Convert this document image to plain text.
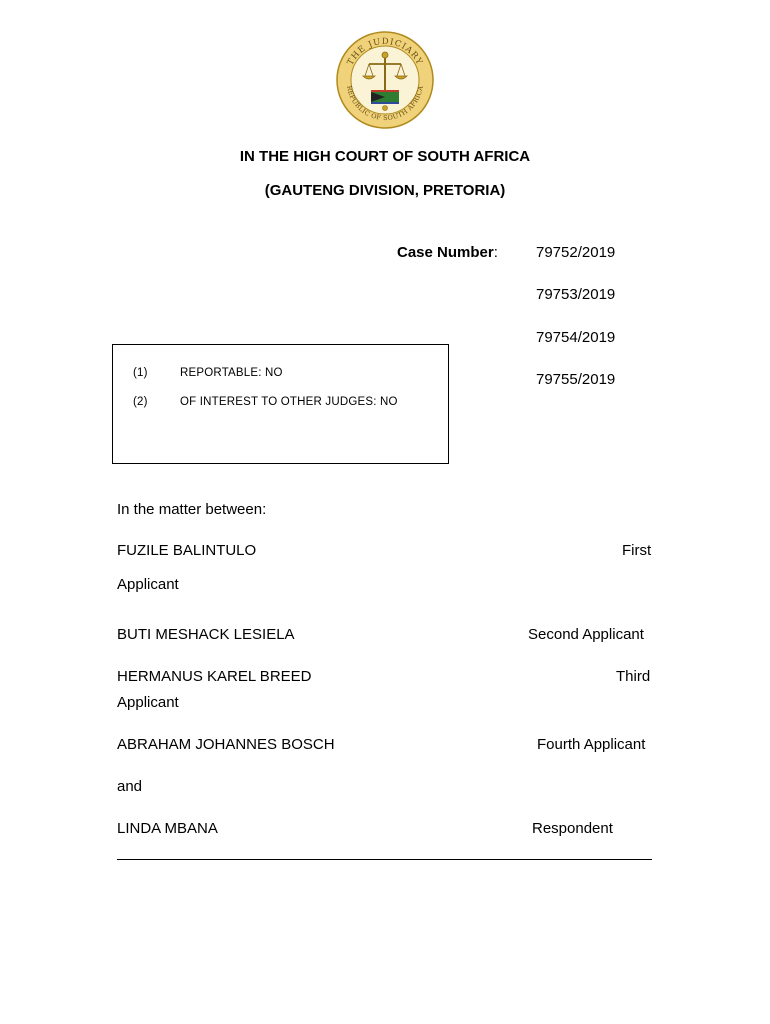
THE JUDICIARY
REPUBLIC OF SOUTH AFRICA
IN THE HIGH COURT OF SOUTH AFRICA
(GAUTENG DIVISION, PRETORIA)
Case Number:	79752/2019
79753/2019
79754/2019
79755/2019
(1)	REPORTABLE: NO
(2)	OF INTEREST TO OTHER JUDGES: NO
In the matter between:
FUZILE BALINTULO	First
Applicant
BUTI MESHACK LESIELA	Second Applicant
HERMANUS KAREL BREED	Third
Applicant
ABRAHAM JOHANNES BOSCH	Fourth Applicant
and
LINDA MBANA	Respondent
